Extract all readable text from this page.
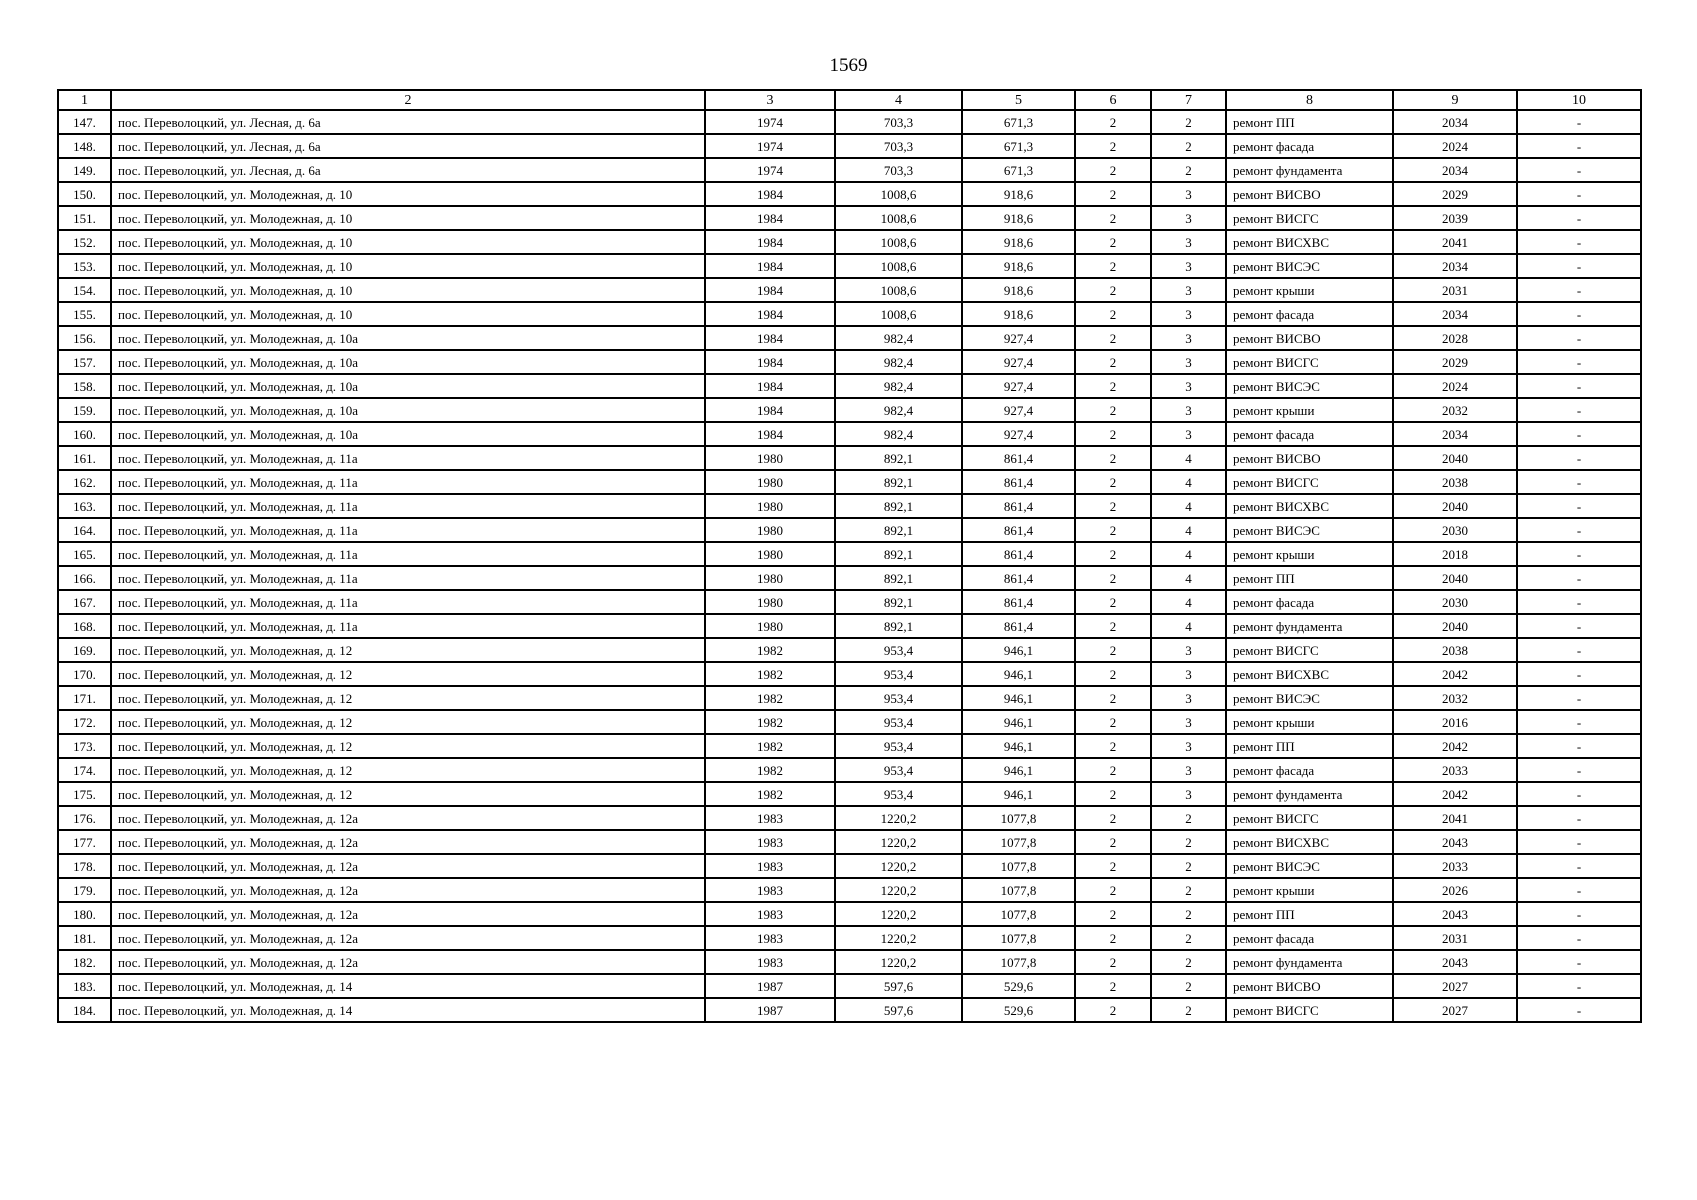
1569
1	2	3	4	5	6	7	8	9	10
147.	пос. Переволоцкий, ул. Лесная, д. 6а	1974	703,3	671,3	2	2	ремонт ПП	2034	-
148.	пос. Переволоцкий, ул. Лесная, д. 6а	1974	703,3	671,3	2	2	ремонт фасада	2024	-
149.	пос. Переволоцкий, ул. Лесная, д. 6а	1974	703,3	671,3	2	2	ремонт фундамента	2034	-
150.	пос. Переволоцкий, ул. Молодежная, д. 10	1984	1008,6	918,6	2	3	ремонт ВИСВО	2029	-
151.	пос. Переволоцкий, ул. Молодежная, д. 10	1984	1008,6	918,6	2	3	ремонт ВИСГС	2039	-
152.	пос. Переволоцкий, ул. Молодежная, д. 10	1984	1008,6	918,6	2	3	ремонт ВИСХВС	2041	-
153.	пос. Переволоцкий, ул. Молодежная, д. 10	1984	1008,6	918,6	2	3	ремонт ВИСЭС	2034	-
154.	пос. Переволоцкий, ул. Молодежная, д. 10	1984	1008,6	918,6	2	3	ремонт крыши	2031	-
155.	пос. Переволоцкий, ул. Молодежная, д. 10	1984	1008,6	918,6	2	3	ремонт фасада	2034	-
156.	пос. Переволоцкий, ул. Молодежная, д. 10а	1984	982,4	927,4	2	3	ремонт ВИСВО	2028	-
157.	пос. Переволоцкий, ул. Молодежная, д. 10а	1984	982,4	927,4	2	3	ремонт ВИСГС	2029	-
158.	пос. Переволоцкий, ул. Молодежная, д. 10а	1984	982,4	927,4	2	3	ремонт ВИСЭС	2024	-
159.	пос. Переволоцкий, ул. Молодежная, д. 10а	1984	982,4	927,4	2	3	ремонт крыши	2032	-
160.	пос. Переволоцкий, ул. Молодежная, д. 10а	1984	982,4	927,4	2	3	ремонт фасада	2034	-
161.	пос. Переволоцкий, ул. Молодежная, д. 11а	1980	892,1	861,4	2	4	ремонт ВИСВО	2040	-
162.	пос. Переволоцкий, ул. Молодежная, д. 11а	1980	892,1	861,4	2	4	ремонт ВИСГС	2038	-
163.	пос. Переволоцкий, ул. Молодежная, д. 11а	1980	892,1	861,4	2	4	ремонт ВИСХВС	2040	-
164.	пос. Переволоцкий, ул. Молодежная, д. 11а	1980	892,1	861,4	2	4	ремонт ВИСЭС	2030	-
165.	пос. Переволоцкий, ул. Молодежная, д. 11а	1980	892,1	861,4	2	4	ремонт крыши	2018	-
166.	пос. Переволоцкий, ул. Молодежная, д. 11а	1980	892,1	861,4	2	4	ремонт ПП	2040	-
167.	пос. Переволоцкий, ул. Молодежная, д. 11а	1980	892,1	861,4	2	4	ремонт фасада	2030	-
168.	пос. Переволоцкий, ул. Молодежная, д. 11а	1980	892,1	861,4	2	4	ремонт фундамента	2040	-
169.	пос. Переволоцкий, ул. Молодежная, д. 12	1982	953,4	946,1	2	3	ремонт ВИСГС	2038	-
170.	пос. Переволоцкий, ул. Молодежная, д. 12	1982	953,4	946,1	2	3	ремонт ВИСХВС	2042	-
171.	пос. Переволоцкий, ул. Молодежная, д. 12	1982	953,4	946,1	2	3	ремонт ВИСЭС	2032	-
172.	пос. Переволоцкий, ул. Молодежная, д. 12	1982	953,4	946,1	2	3	ремонт крыши	2016	-
173.	пос. Переволоцкий, ул. Молодежная, д. 12	1982	953,4	946,1	2	3	ремонт ПП	2042	-
174.	пос. Переволоцкий, ул. Молодежная, д. 12	1982	953,4	946,1	2	3	ремонт фасада	2033	-
175.	пос. Переволоцкий, ул. Молодежная, д. 12	1982	953,4	946,1	2	3	ремонт фундамента	2042	-
176.	пос. Переволоцкий, ул. Молодежная, д. 12а	1983	1220,2	1077,8	2	2	ремонт ВИСГС	2041	-
177.	пос. Переволоцкий, ул. Молодежная, д. 12а	1983	1220,2	1077,8	2	2	ремонт ВИСХВС	2043	-
178.	пос. Переволоцкий, ул. Молодежная, д. 12а	1983	1220,2	1077,8	2	2	ремонт ВИСЭС	2033	-
179.	пос. Переволоцкий, ул. Молодежная, д. 12а	1983	1220,2	1077,8	2	2	ремонт крыши	2026	-
180.	пос. Переволоцкий, ул. Молодежная, д. 12а	1983	1220,2	1077,8	2	2	ремонт ПП	2043	-
181.	пос. Переволоцкий, ул. Молодежная, д. 12а	1983	1220,2	1077,8	2	2	ремонт фасада	2031	-
182.	пос. Переволоцкий, ул. Молодежная, д. 12а	1983	1220,2	1077,8	2	2	ремонт фундамента	2043	-
183.	пос. Переволоцкий, ул. Молодежная, д. 14	1987	597,6	529,6	2	2	ремонт ВИСВО	2027	-
184.	пос. Переволоцкий, ул. Молодежная, д. 14	1987	597,6	529,6	2	2	ремонт ВИСГС	2027	-
